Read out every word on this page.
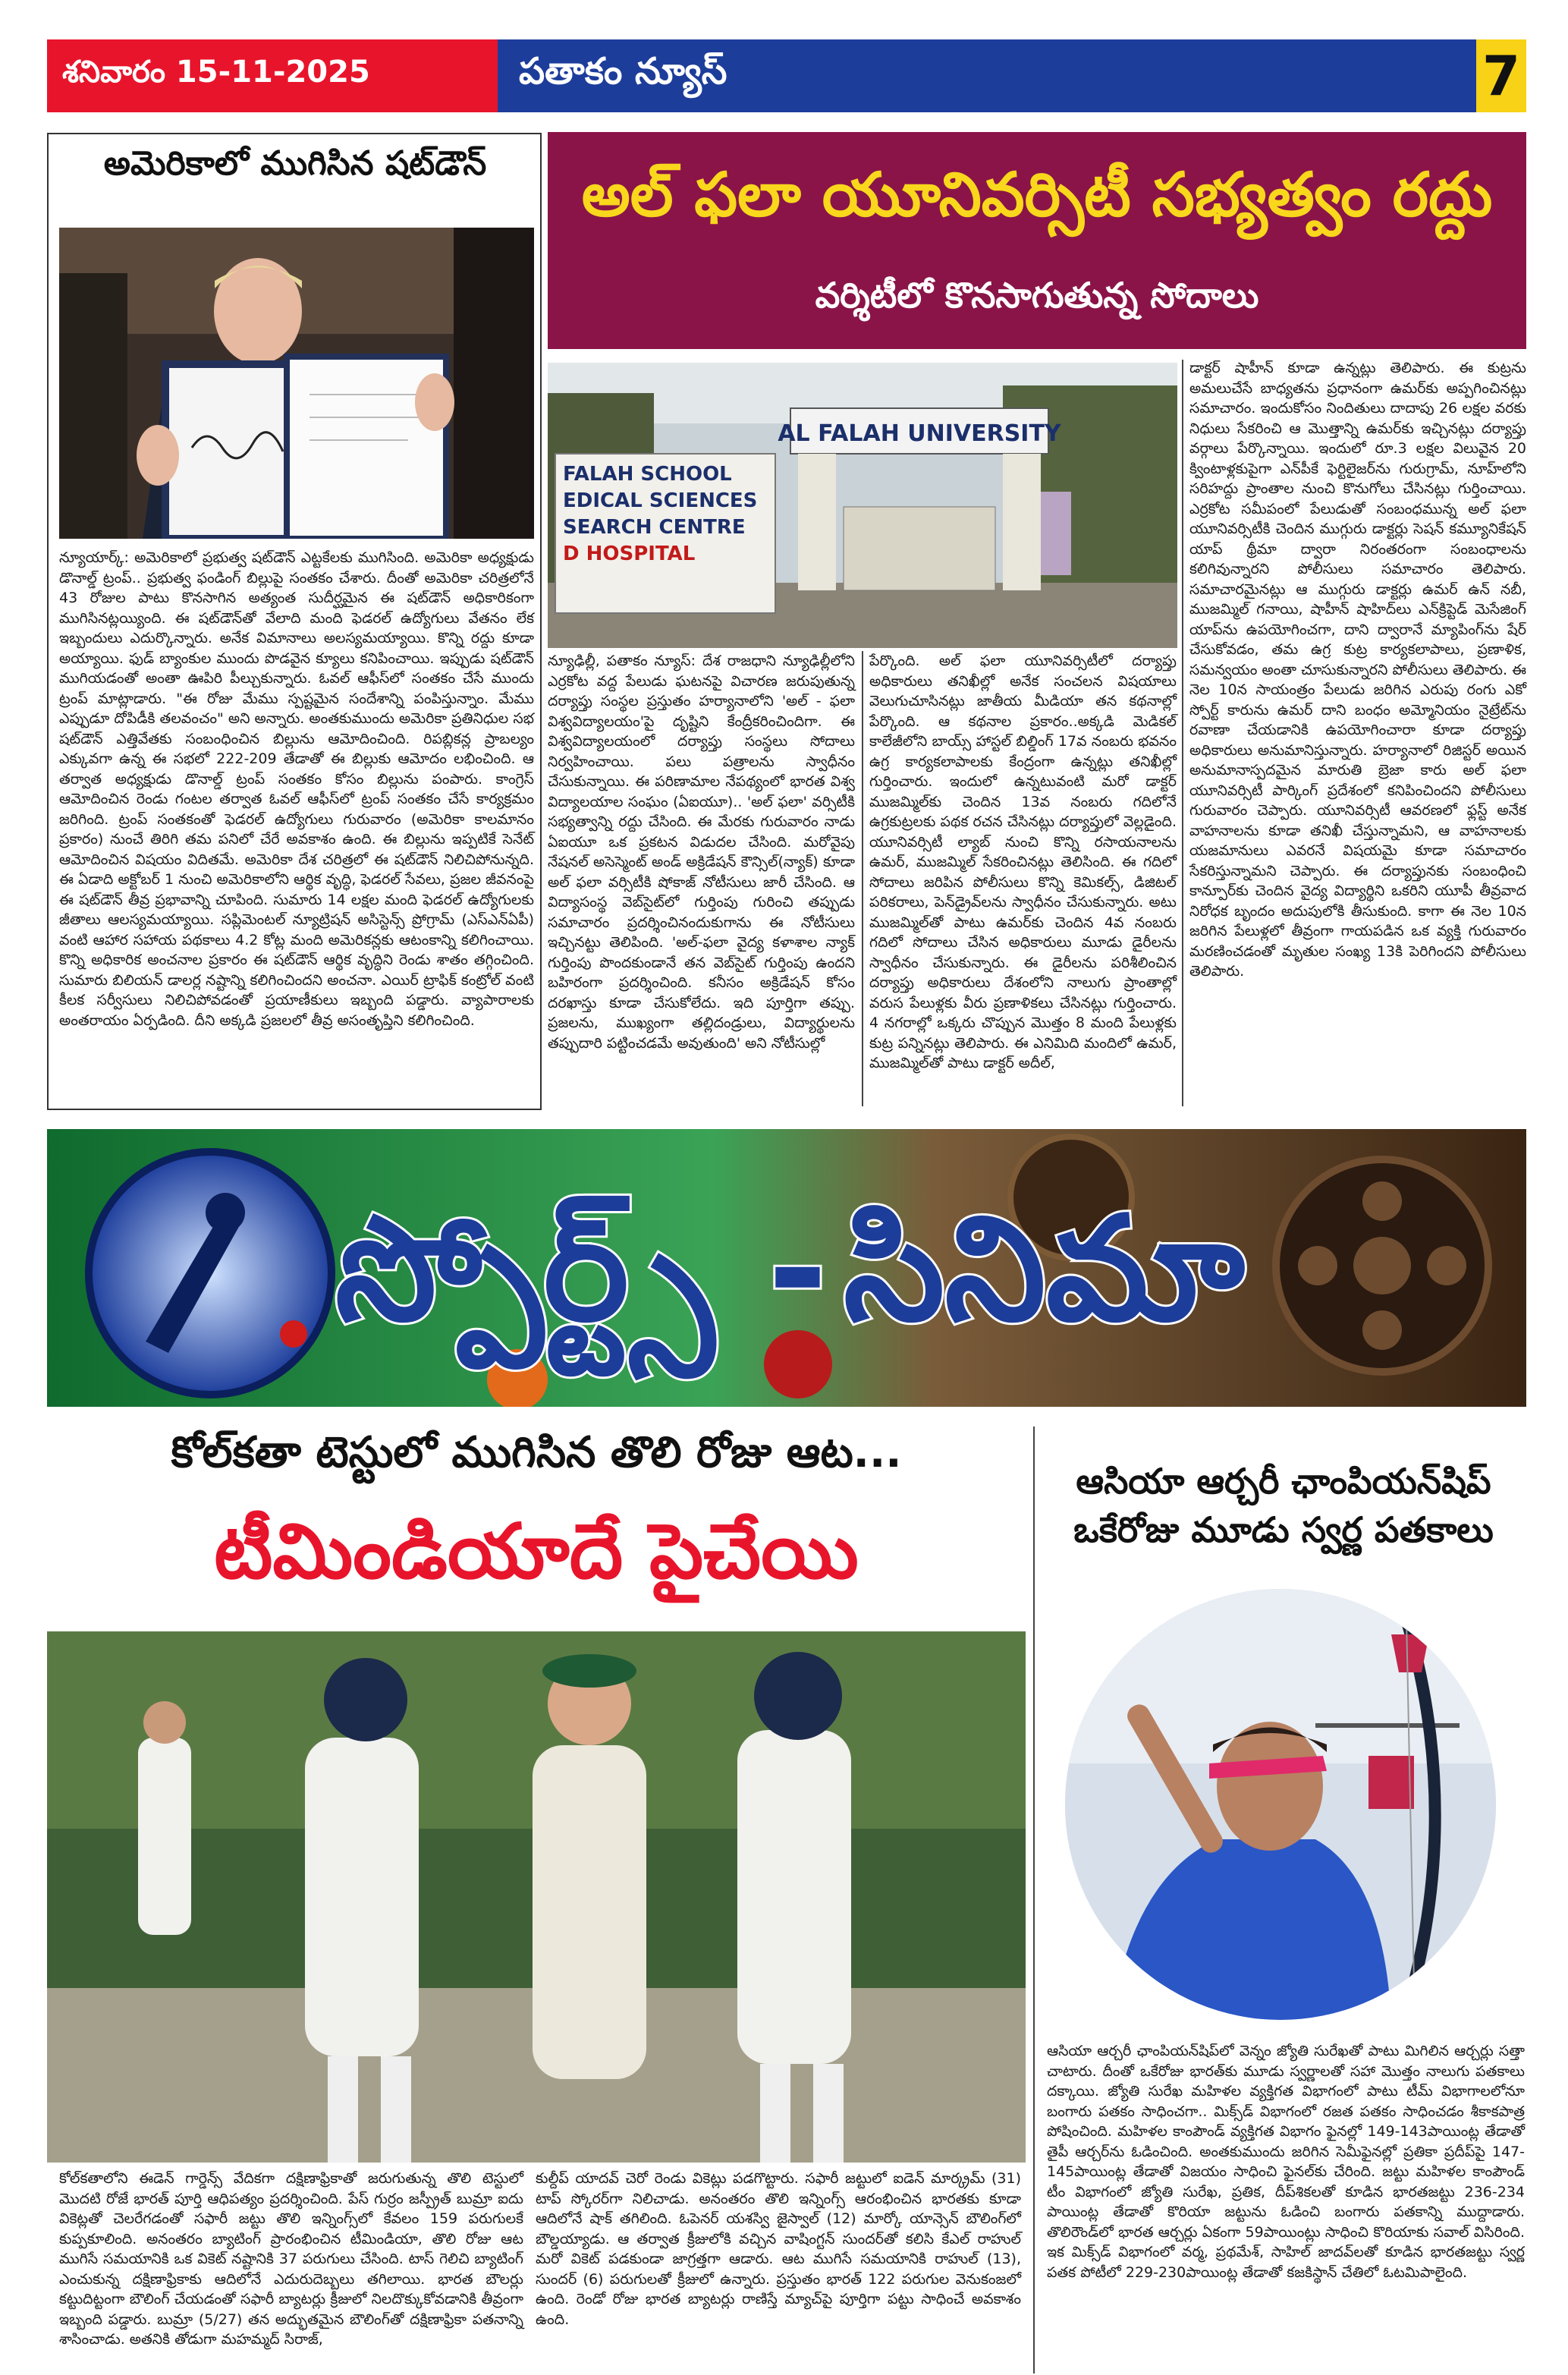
శనివారం 15-11-2025	పతాకం న్యూస్	7
అమెరికాలో ముగిసిన షట్‌డౌన్
న్యూయార్క్: అమెరికాలో ప్రభుత్వ షట్‌డౌన్ ఎట్టకేలకు ముగిసింది. అమెరికా అధ్యక్షుడు డొనాల్డ్ ట్రంప్.. ప్రభుత్వ ఫండింగ్ బిల్లుపై సంతకం చేశారు. దీంతో అమెరికా చరిత్రలోనే 43 రోజుల పాటు కొనసాగిన అత్యంత సుదీర్ఘమైన ఈ షట్‌డౌన్ అధికారికంగా ముగిసినట్లయ్యింది. ఈ షట్‌డౌన్‌తో వేలాది మంది ఫెడరల్ ఉద్యోగులు వేతనం లేక ఇబ్బందులు ఎదుర్కొన్నారు. అనేక విమానాలు అలస్యమయ్యాయి. కొన్ని రద్దు కూడా అయ్యాయి. ఫుడ్ బ్యాంకుల ముందు పొడవైన క్యూలు కనిపించాయి. ఇప్పుడు షట్‌డౌన్ ముగియడంతో అంతా ఊపిరి పీల్చుకున్నారు. ఓవల్ ఆఫీస్‌లో సంతకం చేసే ముందు ట్రంప్ మాట్లాడారు. "ఈ రోజు మేము స్పష్టమైన సందేశాన్ని పంపిస్తున్నాం. మేము ఎప్పుడూ దోపిడీకి తలవంచం" అని అన్నారు. అంతకుముందు అమెరికా ప్రతినిధుల సభ షట్‌డౌన్ ఎత్తివేతకు సంబంధించిన బిల్లును ఆమోదించింది. రిపబ్లికన్ల ప్రాబల్యం ఎక్కువగా ఉన్న ఈ సభలో 222-209 తేడాతో ఈ బిల్లుకు ఆమోదం లభించింది. ఆ తర్వాత అధ్యక్షుడు డొనాల్డ్ ట్రంప్ సంతకం కోసం బిల్లును పంపారు. కాంగ్రెస్ ఆమోదించిన రెండు గంటల తర్వాత ఓవల్ ఆఫీస్‌లో ట్రంప్ సంతకం చేసే కార్యక్రమం జరిగింది. ట్రంప్ సంతకంతో ఫెడరల్ ఉద్యోగులు గురువారం (అమెరికా కాలమానం ప్రకారం) నుంచే తిరిగి తమ పనిలో చేరే అవకాశం ఉంది. ఈ బిల్లును ఇప్పటికే సెనేట్ ఆమోదించిన విషయం విదితమే. అమెరికా దేశ చరిత్రలో ఈ షట్‌డౌన్ నిలిచిపోనున్నది. ఈ ఏడాది అక్టోబర్ 1 నుంచి అమెరికాలోని ఆర్థిక వృద్ధి, ఫెడరల్ సేవలు, ప్రజల జీవనంపై ఈ షట్‌డౌన్ తీవ్ర ప్రభావాన్ని చూపింది. సుమారు 14 లక్షల మంది ఫెడరల్ ఉద్యోగులకు జీతాలు ఆలస్యమయ్యాయి. సప్లిమెంటల్ న్యూట్రిషన్ అసిస్టెన్స్ ప్రోగ్రామ్ (ఎస్ఎన్ఏపీ) వంటి ఆహార సహాయ పథకాలు 4.2 కోట్ల మంది అమెరికన్లకు ఆటంకాన్ని కలిగించాయి. కొన్ని అధికారిక అంచనాల ప్రకారం ఈ షట్‌డౌన్ ఆర్థిక వృద్ధిని రెండు శాతం తగ్గించింది. సుమారు బిలియన్ డాలర్ల నష్టాన్ని కలిగించిందని అంచనా. ఎయిర్ ట్రాఫిక్ కంట్రోల్ వంటి కీలక సర్వీసులు నిలిచిపోవడంతో ప్రయాణీకులు ఇబ్బంది పడ్డారు. వ్యాపారాలకు అంతరాయం ఏర్పడింది. దీని అక్కడి ప్రజలలో తీవ్ర అసంతృప్తిని కలిగించింది.
అల్ ఫలా యూనివర్సిటీ సభ్యత్వం రద్దు
వర్శిటీలో కొనసాగుతున్న సోదాలు
AL FALAH UNIVERSITY
FALAH SCHOOL
EDICAL SCIENCES
SEARCH CENTRE
D HOSPITAL
న్యూఢిల్లీ, పతాకం న్యూస్: దేశ రాజధాని న్యూఢిల్లీలోని ఎర్రకోట వద్ద పేలుడు ఘటనపై విచారణ జరుపుతున్న దర్యాప్తు సంస్థల ప్రస్తుతం హర్యానాలోని 'అల్ - ఫలా విశ్వవిద్యాలయం'పై దృష్టిని కేంద్రీకరించిందిగా. ఈ విశ్వవిద్యాలయంలో దర్యాప్తు సంస్థలు సోదాలు నిర్వహించాయి. పలు పత్రాలను స్వాధీనం చేసుకున్నాయి. ఈ పరిణామాల నేపథ్యంలో భారత విశ్వ విద్యాలయాల సంఘం (ఏఐయూ).. 'అల్ ఫలా' వర్సిటీకి సభ్యత్వాన్ని రద్దు చేసింది. ఈ మేరకు గురువారం నాడు ఏఐయూ ఒక ప్రకటన విడుదల చేసింది. మరోవైపు నేషనల్ అసెస్మెంట్ అండ్ అక్రిడేషన్ కౌన్సిల్(న్యాక్) కూడా అల్ ఫలా వర్సిటీకి షోకాజ్ నోటీసులు జారీ చేసింది. ఆ విద్యాసంస్థ వెబ్‌సైట్‌లో గుర్తింపు గురించి తప్పుడు సమాచారం ప్రదర్శించినందుకుగాను ఈ నోటీసులు ఇచ్చినట్టు తెలిపింది. 'అల్-ఫలా వైద్య కళాశాల న్యాక్ గుర్తింపు పొందకుండానే తన వెబ్‌సైట్ గుర్తింపు ఉందని బహిరంగా ప్రదర్శించింది. కనీసం అక్రిడేషన్ కోసం దరఖాస్తు కూడా చేసుకోలేదు. ఇది పూర్తిగా తప్పు. ప్రజలను, ముఖ్యంగా తల్లిదండ్రులు, విద్యార్థులను తప్పుదారి పట్టించడమే అవుతుంది' అని నోటీసుల్లో
పేర్కొంది. అల్ ఫలా యూనివర్సిటీలో దర్యాప్తు అధికారులు తనిఖీల్లో అనేక సంచలన విషయాలు వెలుగుచూసినట్లు జాతీయ మీడియా తన కథనాల్లో పేర్కొంది. ఆ కథనాల ప్రకారం..అక్కడి మెడికల్ కాలేజీలోని బాయ్స్ హాస్టల్ బిల్డింగ్‌ 17వ నంబరు భవనం ఉగ్ర కార్యకలాపాలకు కేంద్రంగా ఉన్నట్లు తనిఖీల్లో గుర్తించారు. ఇందులో ఉన్నటువంటి మరో డాక్టర్ ముజమ్మిల్‌కు చెందిన 13వ నంబరు గదిలోనే ఉగ్రకుట్రలకు పథక రచన చేసినట్లు దర్యాప్తులో వెల్లడైంది. యూనివర్సిటీ ల్యాబ్ నుంచి కొన్ని రసాయనాలను ఉమర్, ముజమ్మిల్ సేకరించినట్లు తెలిసింది. ఈ గదిలో సోదాలు జరిపిన పోలీసులు కొన్ని కెమికల్స్, డిజిటల్ పరికరాలు, పెన్‌డ్రైవ్‌లను స్వాధీనం చేసుకున్నారు. అటు ముజమ్మిల్‌తో పాటు ఉమర్‌కు చెందిన 4వ నంబరు గదిలో సోదాలు చేసిన అధికారులు మూడు డైరీలను స్వాధీనం చేసుకున్నారు. ఈ డైరీలను పరిశీలించిన దర్యాప్తు అధికారులు దేశంలోని నాలుగు ప్రాంతాల్లో వరుస పేలుళ్లకు వీరు ప్రణాళికలు చేసినట్లు గుర్తించారు. 4 నగరాల్లో ఒక్కరు చొప్పున మొత్తం 8 మంది పేలుళ్లకు కుట్ర పన్నినట్లు తెలిపారు. ఈ ఎనిమిది మందిలో ఉమర్, ముజమ్మిల్‌తో పాటు డాక్టర్ అదీల్,
డాక్టర్ షాహీన్ కూడా ఉన్నట్లు తెలిపారు. ఈ కుట్రను అమలుచేసే బాధ్యతను ప్రధానంగా ఉమర్‌కు అప్పగించినట్లు సమాచారం. ఇందుకోసం నిందితులు దాదాపు 26 లక్షల వరకు నిధులు సేకరించి ఆ మొత్తాన్ని ఉమర్‌కు ఇచ్చినట్లు దర్యాప్తు వర్గాలు పేర్కొన్నాయి. ఇందులో రూ.3 లక్షల విలువైన 20 క్వింటాళ్లకుపైగా ఎన్‌పీకే ఫెర్టిలైజర్‌ను గురుగ్రామ్, నూహ్‌లోని సరిహద్దు ప్రాంతాల నుంచి కొనుగోలు చేసినట్లు గుర్తించాయి. ఎర్రకోట సమీపంలో పేలుడుతో సంబంధమున్న అల్ ఫలా యూనివర్సిటీకి చెందిన ముగ్గురు డాక్టర్లు సెషన్ కమ్యూనికేషన్ యాప్ థ్రీమా ద్వారా నిరంతరంగా సంబంధాలను కలిగివున్నారని పోలీసులు సమాచారం తెలిపారు. సమాచారమైనట్లు ఆ ముగ్గురు డాక్టర్లు ఉమర్ ఉన్ నబీ, ముజమ్మిల్ గనాయి, షాహీన్ షాహిద్‌లు ఎన్‌క్రిప్టెడ్ మెసేజింగ్ యాప్‌ను ఉపయోగించగా, దాని ద్వారానే మ్యాపింగ్‌ను షేర్ చేసుకోవడం, తమ ఉగ్ర కుట్ర కార్యకలాపాలు, ప్రణాళిక, సమన్వయం అంతా చూసుకున్నారని పోలీసులు తెలిపారు. ఈ నెల 10న సాయంత్రం పేలుడు జరిగిన ఎరుపు రంగు ఎకో స్పోర్ట్ కారును ఉమర్ దాని బంధం అమ్మోనియం నైట్రేట్‌ను రవాణా చేయడానికి ఉపయోగించారా కూడా దర్యాప్తు అధికారులు అనుమానిస్తున్నారు. హర్యానాలో రిజిస్టర్ అయిన అనుమానాస్పదమైన మారుతి బ్రెజా కారు అల్ ఫలా యూనివర్సిటీ పార్కింగ్ ప్రదేశంలో కనిపించిందని పోలీసులు గురువారం చెప్పారు. యూనివర్సిటీ ఆవరణలో ఫ్లస్ట్ అనేక వాహనాలను కూడా తనిఖీ చేస్తున్నామని, ఆ వాహనాలకు యజమానులు ఎవరనే విషయమై కూడా సమాచారం సేకరిస్తున్నామని చెప్పారు. ఈ దర్యాప్తునకు సంబంధించి కాన్పూర్‌కు చెందిన వైద్య విద్యార్థిని ఒకరిని యూపీ తీవ్రవాద నిరోధక బృందం అదుపులోకి తీసుకుంది. కాగా ఈ నెల 10న జరిగిన పేలుళ్లలో తీవ్రంగా గాయపడిన ఒక వ్యక్తి గురువారం మరణించడంతో మృతుల సంఖ్య 13కి పెరిగిందని పోలీసులు తెలిపారు.
స్పోర్ట్స్ - సినిమా
కోల్‌కతా టెస్టులో ముగిసిన తొలి రోజు ఆట...
టీమిండియాదే పైచేయి
కోల్‌కతాలోని ఈడెన్ గార్డెన్స్ వేదికగా దక్షిణాఫ్రికాతో జరుగుతున్న తొలి టెస్టులో మొదటి రోజే భారత్ పూర్తి ఆధిపత్యం ప్రదర్శించింది. పేస్ గుర్రం జస్ప్రీత్ బుమ్రా ఐదు వికెట్లతో చెలరేగడంతో సఫారీ జట్టు తొలి ఇన్నింగ్స్‌లో కేవలం 159 పరుగులకే కుప్పకూలింది. అనంతరం బ్యాటింగ్ ప్రారంభించిన టీమిండియా, తొలి రోజు ఆట ముగిసే సమయానికి ఒక వికెట్ నష్టానికి 37 పరుగులు చేసింది. టాస్ గెలిచి బ్యాటింగ్ ఎంచుకున్న దక్షిణాఫ్రికాకు ఆదిలోనే ఎదురుదెబ్బలు తగిలాయి. భారత బౌలర్లు కట్టుదిట్టంగా బౌలింగ్ చేయడంతో సఫారీ బ్యాటర్లు క్రీజులో నిలదొక్కుకోవడానికి తీవ్రంగా ఇబ్బంది పడ్డారు. బుమ్రా (5/27) తన అద్భుతమైన బౌలింగ్‌తో దక్షిణాఫ్రికా పతనాన్ని శాసించాడు. అతనికి తోడుగా మహమ్మద్ సిరాజ్,
కుల్దీప్ యాదవ్ చెరో రెండు వికెట్లు పడగొట్టారు. సఫారీ జట్టులో ఐడెన్ మార్క్రమ్ (31) టాప్ స్కోరర్‌గా నిలిచాడు. అనంతరం తొలి ఇన్నింగ్స్ ఆరంభించిన భారతకు కూడా ఆదిలోనే షాక్ తగిలింది. ఓపెనర్ యశస్వి జైస్వాల్ (12) మార్కో యాన్సెన్ బౌలింగ్‌లో బౌల్డయ్యాడు. ఆ తర్వాత క్రీజులోకి వచ్చిన వాషింగ్టన్ సుందర్‌తో కలిసి కేఎల్ రాహుల్ మరో వికెట్ పడకుండా జాగ్రత్తగా ఆడారు. ఆట ముగిసే సమయానికి రాహుల్ (13), సుందర్ (6) పరుగులతో క్రీజులో ఉన్నారు. ప్రస్తుతం భారత్ 122 పరుగుల వెనుకంజలో ఉంది. రెండో రోజు భారత బ్యాటర్లు రాణిస్తే మ్యాచ్‌పై పూర్తిగా పట్టు సాధించే అవకాశం ఉంది.
ఆసియా ఆర్చరీ ఛాంపియన్‌షిప్
ఒకేరోజు మూడు స్వర్ణ పతకాలు
ఆసియా ఆర్చరీ ఛాంపియన్‌షిప్‌లో వెన్నం జ్యోతి సురేఖతో పాటు మిగిలిన ఆర్చర్లు సత్తా చాటారు. దీంతో ఒకేరోజు భారత్‌కు మూడు స్వర్ణాలతో సహా మొత్తం నాలుగు పతకాలు దక్కాయి. జ్యోతి సురేఖ మహిళల వ్యక్తిగత విభాగంలో పాటు టీమ్ విభాగాలలోనూ బంగారు పతకం సాధించగా.. మిక్స్‌డ్ విభాగంలో రజత పతకం సాధించడం శీకాకపాత్ర పోషించింది. మహిళల కాంపౌండ్ వ్యక్తిగత విభాగం ఫైనల్లో 149-143పాయింట్ల తేడాతో తైపీ ఆర్చర్‌ను ఓడించింది. అంతకుముందు జరిగిన సెమీఫైనల్లో ప్రతికా ప్రదీప్‌పై 147-145పాయింట్ల తేడాతో విజయం సాధించి ఫైనల్‌కు చేరింది. జట్టు మహిళల కాంపౌండ్ టీం విభాగంలో జ్యోతి సురేఖ, ప్రతిక, దీప్‌శికలతో కూడిన భారతజట్టు 236-234 పాయింట్ల తేడాతో కొరియా జట్టును ఓడించి బంగారు పతకాన్ని ముద్దాడారు. తొలిరౌండ్‌లో భారత ఆర్చర్లు ఏకంగా 59పాయింట్లు సాధించి కొరియాకు సవాల్ విసిరింది. ఇక మిక్స్‌డ్ విభాగంలో వర్మ, ప్రథమేశ్, సాహిల్ జాదవ్‌లతో కూడిన భారతజట్టు స్వర్ణ పతక పోటీలో 229-230పాయింట్ల తేడాతో కజకిస్థాన్ చేతిలో ఓటమిపాలైంది.
